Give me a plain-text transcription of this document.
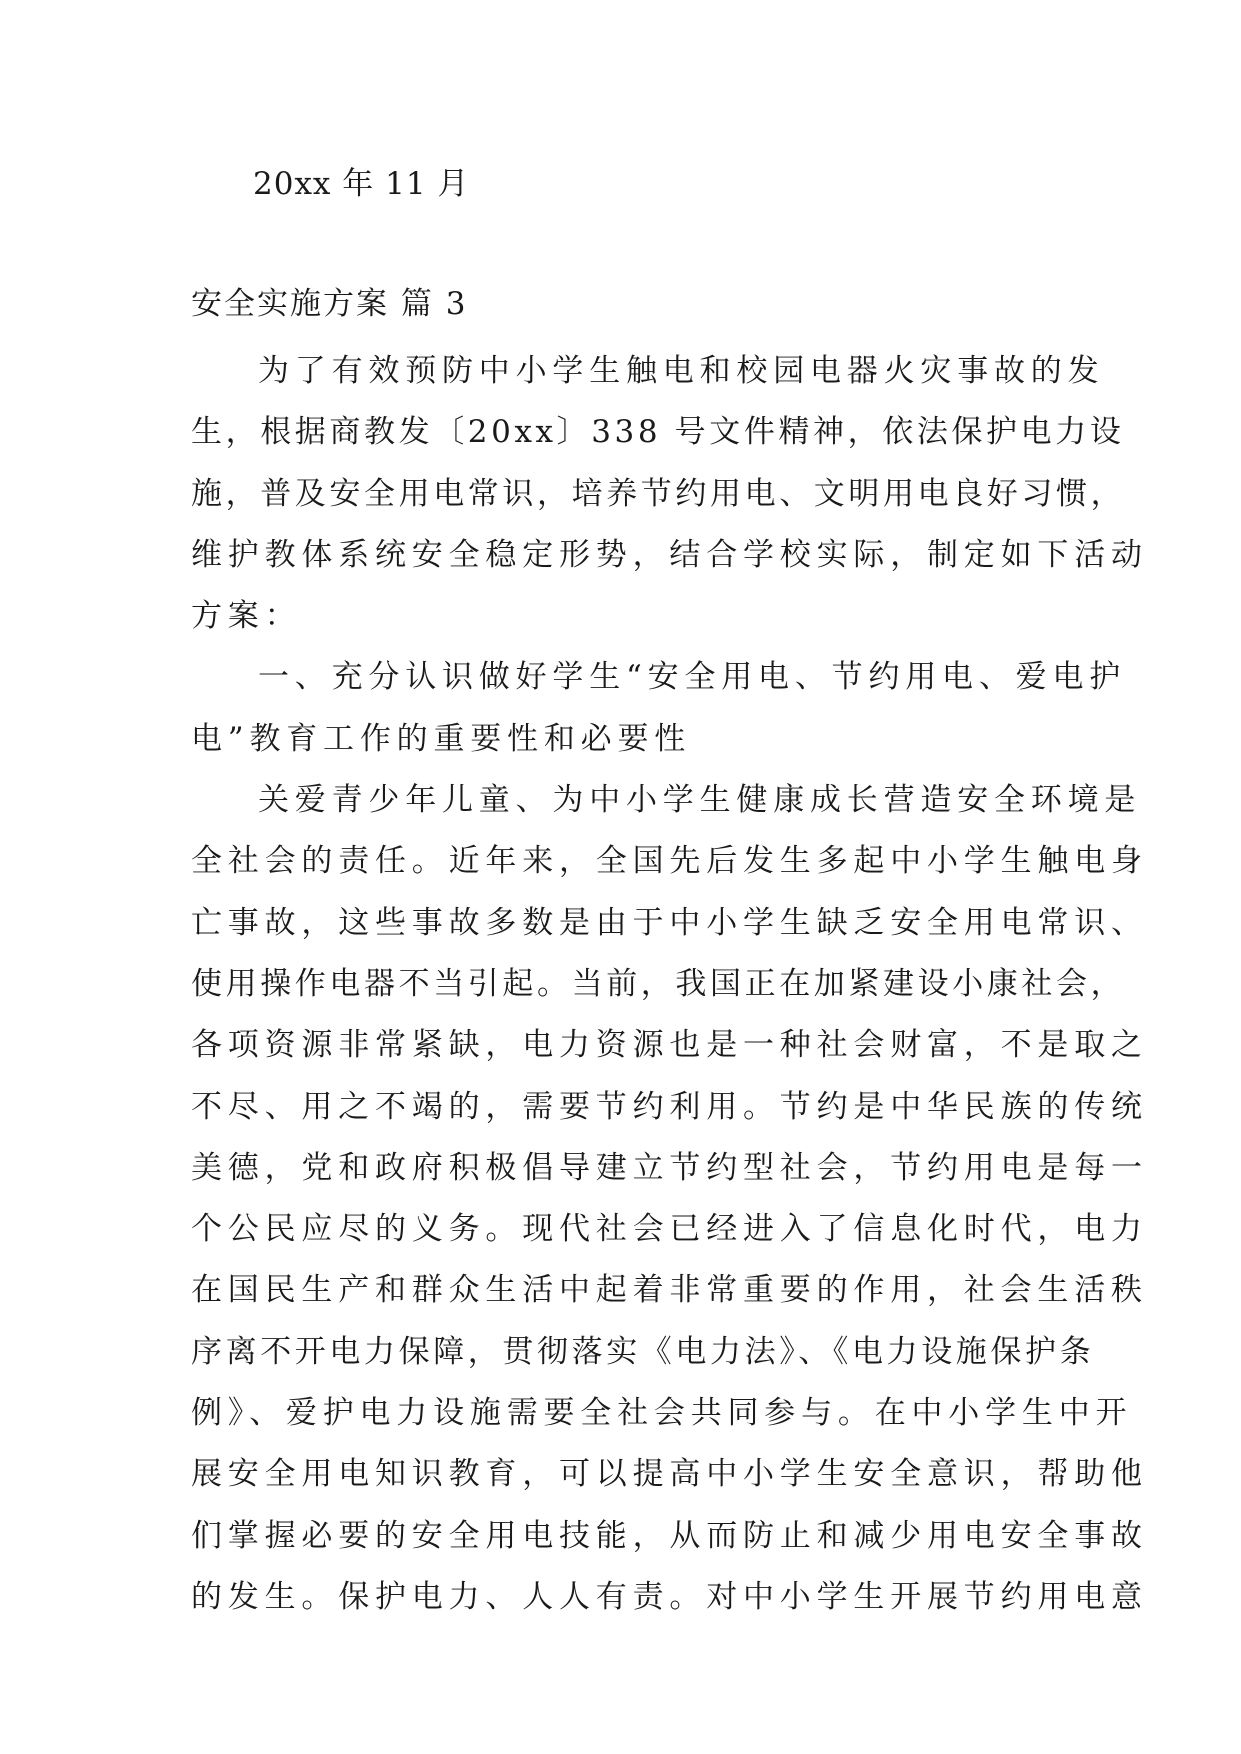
20xx 年 11 月
安全实施方案 篇 3
为了有效预防中小学生触电和校园电器火灾事故的发
生，根据商教发〔20xx〕338 号文件精神，依法保护电力设
施，普及安全用电常识，培养节约用电、文明用电良好习惯，
维护教体系统安全稳定形势，结合学校实际，制定如下活动
方案：
一、充分认识做好学生“安全用电、节约用电、爱电护
电”教育工作的重要性和必要性
关爱青少年儿童、为中小学生健康成长营造安全环境是
全社会的责任。近年来，全国先后发生多起中小学生触电身
亡事故，这些事故多数是由于中小学生缺乏安全用电常识、
使用操作电器不当引起。当前，我国正在加紧建设小康社会，
各项资源非常紧缺，电力资源也是一种社会财富，不是取之
不尽、用之不竭的，需要节约利用。节约是中华民族的传统
美德，党和政府积极倡导建立节约型社会，节约用电是每一
个公民应尽的义务。现代社会已经进入了信息化时代，电力
在国民生产和群众生活中起着非常重要的作用，社会生活秩
序离不开电力保障，贯彻落实《电力法》、《电力设施保护条
例》、爱护电力设施需要全社会共同参与。在中小学生中开
展安全用电知识教育，可以提高中小学生安全意识，帮助他
们掌握必要的安全用电技能，从而防止和减少用电安全事故
的发生。保护电力、人人有责。对中小学生开展节约用电意
